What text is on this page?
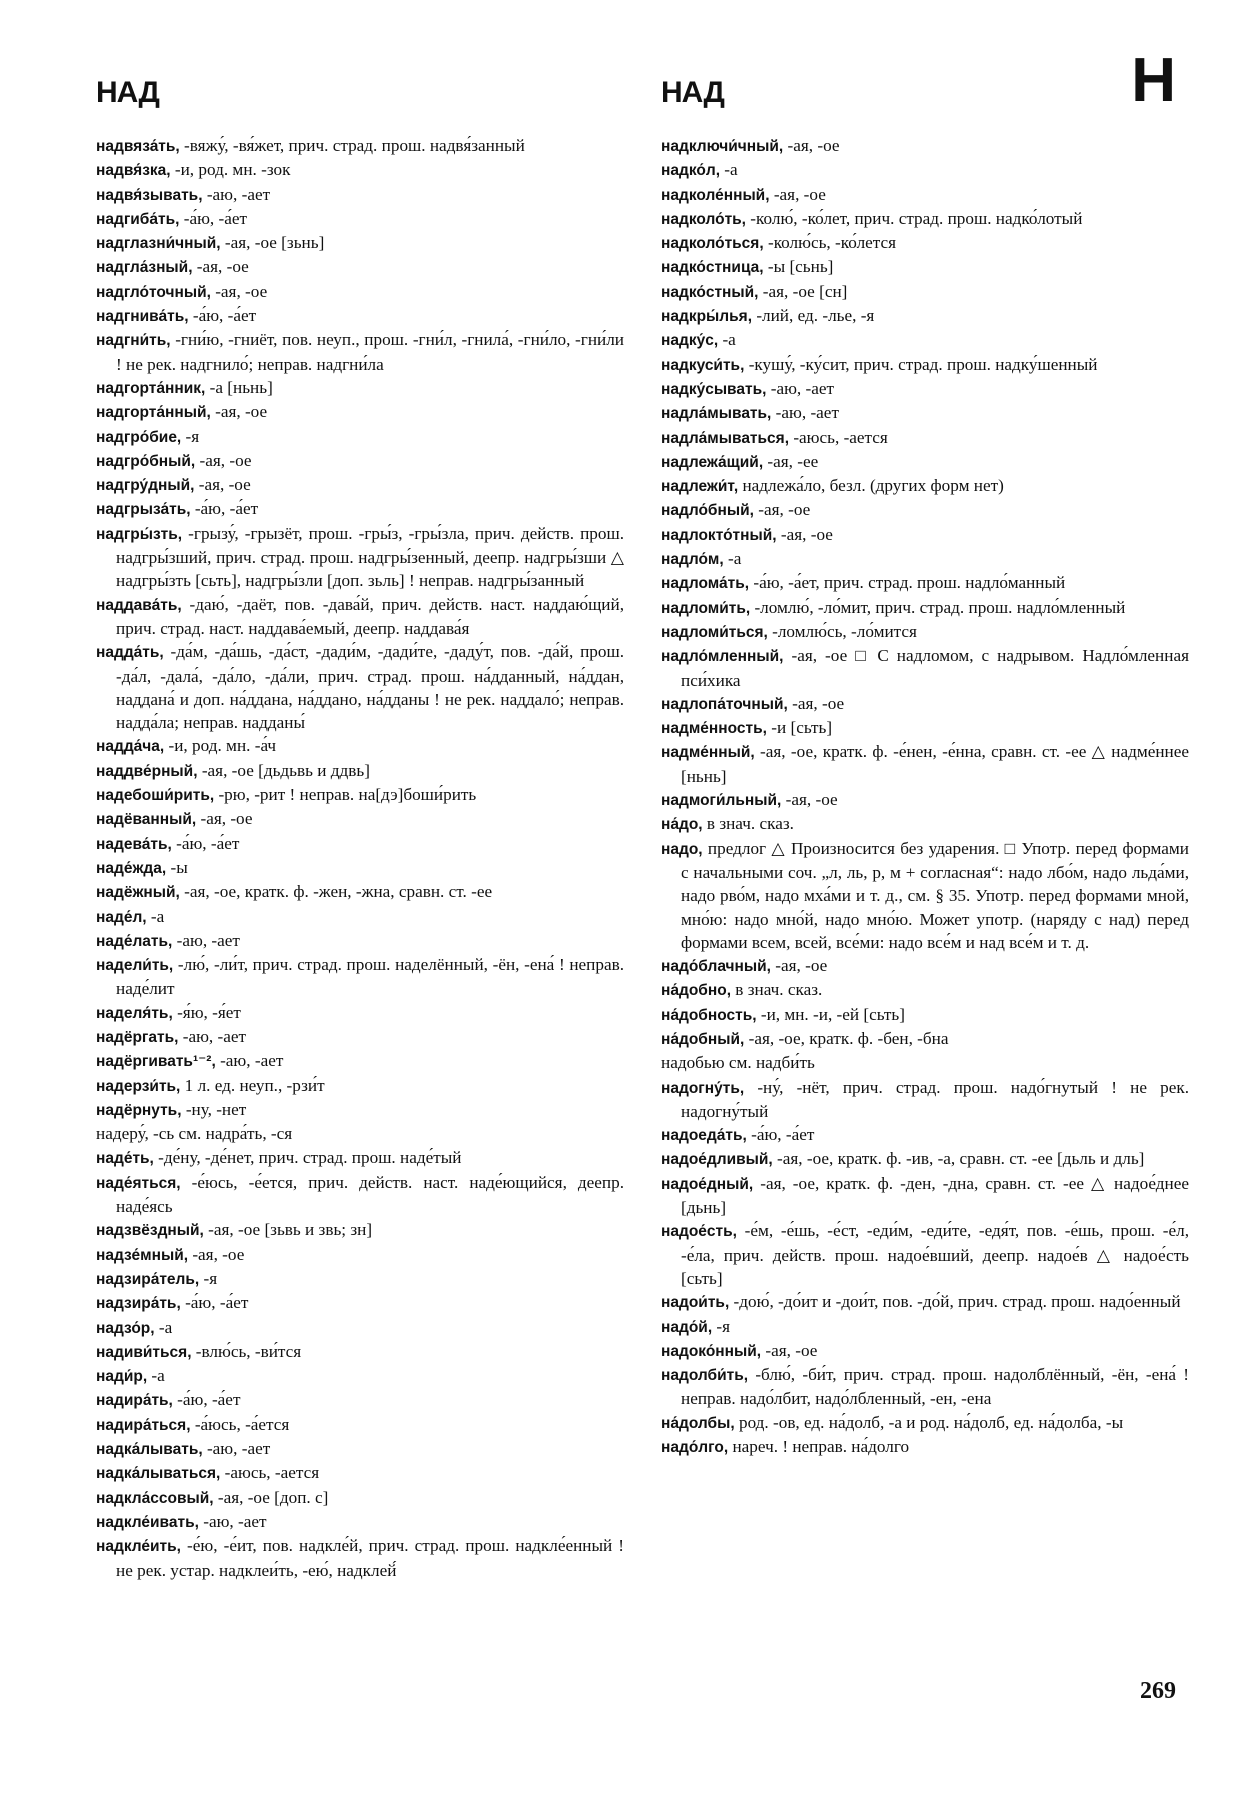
НАД	НАД	Н
надвяза́ть, -вяжу́, -вя́жет, прич. страд. прош. надвя́занный
надвя́зка, -и, род. мн. -зок
надвя́зывать, -аю, -ает
надгиба́ть, -а́ю, -а́ет
надглазни́чный, -ая, -ое [зьнь]
надгла́зный, -ая, -ое
надгло́точный, -ая, -ое
надгнива́ть, -а́ю, -а́ет
надгни́ть, -гни́ю, -гниёт, пов. неуп., прош. -гни́л, -гнила́, -гни́ло, -гни́ли ! не рек. надгнило́; неправ. надгни́ла
надгорта́нник, -а [ньнь]
надгорта́нный, -ая, -ое
надгро́бие, -я
надгро́бный, -ая, -ое
надгру́дный, -ая, -ое
надгрыза́ть, -а́ю, -а́ет
надгры́зть, -грызу́, -грызёт, прош. -гры́з, -гры́зла, прич. действ. прош. надгры́зший, прич. страд. прош. надгры́зенный, деепр. надгры́зши △ надгры́зть [сьть], надгры́зли [доп. зьль] ! неправ. надгры́занный
наддава́ть, -даю́, -даёт, пов. -дава́й, прич. действ. наст. наддаю́щий, прич. страд. наст. наддава́емый, деепр. наддава́я
надда́ть, -да́м, -да́шь, -да́ст, -дади́м, -дади́те, -даду́т, пов. -да́й, прош. -да́л, -дала́, -да́ло, -да́ли, прич. страд. прош. на́дданный, на́ддан, наддана́ и доп. на́ддана, на́ддано, на́дданы ! не рек. наддало́; неправ. надда́ла; неправ. надданы́
надда́ча, -и, род. мн. -а́ч
наддве́рный, -ая, -ое [дьдьвь и ддвь]
надебоши́рить, -рю, -рит ! неправ. на[дэ]боши́рить
надёванный, -ая, -ое
надева́ть, -а́ю, -а́ет
наде́жда, -ы
надёжный, -ая, -ое, кратк. ф. -жен, -жна, сравн. ст. -ее
наде́л, -а
наде́лать, -аю, -ает
надели́ть, -лю́, -ли́т, прич. страд. прош. наделённый, -ён, -ена́ ! неправ. наде́лит
наделя́ть, -я́ю, -я́ет
надёргать, -аю, -ает
надёргивать¹⁻², -аю, -ает
надерзи́ть, 1 л. ед. неуп., -рзи́т
надёрнуть, -ну, -нет
надеру́, -сь см. надра́ть, -ся
наде́ть, -де́ну, -де́нет, прич. страд. прош. наде́тый
наде́яться, -е́юсь, -е́ется, прич. действ. наст. наде́ющийся, деепр. наде́ясь
надзвёздный, -ая, -ое [зьвь и звь; зн]
надзе́мный, -ая, -ое
надзира́тель, -я
надзира́ть, -а́ю, -а́ет
надзо́р, -а
надиви́ться, -влю́сь, -ви́тся
нади́р, -а
надира́ть, -а́ю, -а́ет
надира́ться, -а́юсь, -а́ется
надка́лывать, -аю, -ает
надка́лываться, -аюсь, -ается
надкла́ссовый, -ая, -ое [доп. с]
надкле́ивать, -аю, -ает
надкле́ить, -е́ю, -е́ит, пов. надкле́й, прич. страд. прош. надкле́енный ! не рек. устар. надклеи́ть, -ею́, надклей́
надключи́чный, -ая, -ое
надко́л, -а
надколе́нный, -ая, -ое
надколо́ть, -колю́, -ко́лет, прич. страд. прош. надко́лотый
надколо́ться, -колю́сь, -ко́лется
надко́стница, -ы [сьнь]
надко́стный, -ая, -ое [сн]
надкры́лья, -лий, ед. -лье, -я
надку́с, -а
надкуси́ть, -кушу́, -ку́сит, прич. страд. прош. надку́шенный
надку́сывать, -аю, -ает
надла́мывать, -аю, -ает
надла́мываться, -аюсь, -ается
надлежа́щий, -ая, -ее
надлежи́т, надлежа́ло, безл. (других форм нет)
надло́бный, -ая, -ое
надлокто́тный, -ая, -ое
надло́м, -а
надлома́ть, -а́ю, -а́ет, прич. страд. прош. надло́манный
надломи́ть, -ломлю́, -ло́мит, прич. страд. прош. надло́мленный
надломи́ться, -ломлю́сь, -ло́мится
надло́мленный, -ая, -ое □ С надломом, с надрывом. Надло́мленная пси́хика
надлопа́точный, -ая, -ое
надме́нность, -и [сьть]
надме́нный, -ая, -ое, кратк. ф. -е́нен, -е́нна, сравн. ст. -ее △ надме́ннее [ньнь]
надмоги́льный, -ая, -ое
на́до, в знач. сказ.
надо, предлог △ Произносится без ударения. □ Употр. перед формами с начальными соч. „л, ль, р, м + согласная“: надо лбо́м, надо льда́ми, надо рво́м, надо мха́ми и т. д., см. § 35. Употр. перед формами мной, мно́ю: надо мно́й, надо мно́ю. Может употр. (наряду с над) перед формами всем, всей, все́ми: надо все́м и над все́м и т. д.
надо́блачный, -ая, -ое
на́добно, в знач. сказ.
на́добность, -и, мн. -и, -ей [сьть]
на́добный, -ая, -ое, кратк. ф. -бен, -бна
надобью см. надби́ть
надогну́ть, -ну́, -нёт, прич. страд. прош. надо́гнутый ! не рек. надогну́тый
надоеда́ть, -а́ю, -а́ет
надое́дливый, -ая, -ое, кратк. ф. -ив, -а, сравн. ст. -ее [дьль и дль]
надое́дный, -ая, -ое, кратк. ф. -ден, -дна, сравн. ст. -ее △ надое́днее [дьнь]
надое́сть, -е́м, -е́шь, -е́ст, -еди́м, -еди́те, -едя́т, пов. -е́шь, прош. -е́л, -е́ла, прич. действ. прош. надое́вший, деепр. надое́в △ надое́сть [сьть]
надои́ть, -дою́, -до́ит и -дои́т, пов. -до́й, прич. страд. прош. надо́енный
надо́й, -я
надоко́нный, -ая, -ое
надолби́ть, -блю́, -би́т, прич. страд. прош. надолблённый, -ён, -ена́ ! неправ. надо́лбит, надо́лбленный, -ен, -ена
на́долбы, род. -ов, ед. на́долб, -а и род. на́долб, ед. на́долба, -ы
надо́лго, нареч. ! неправ. на́долго
269
